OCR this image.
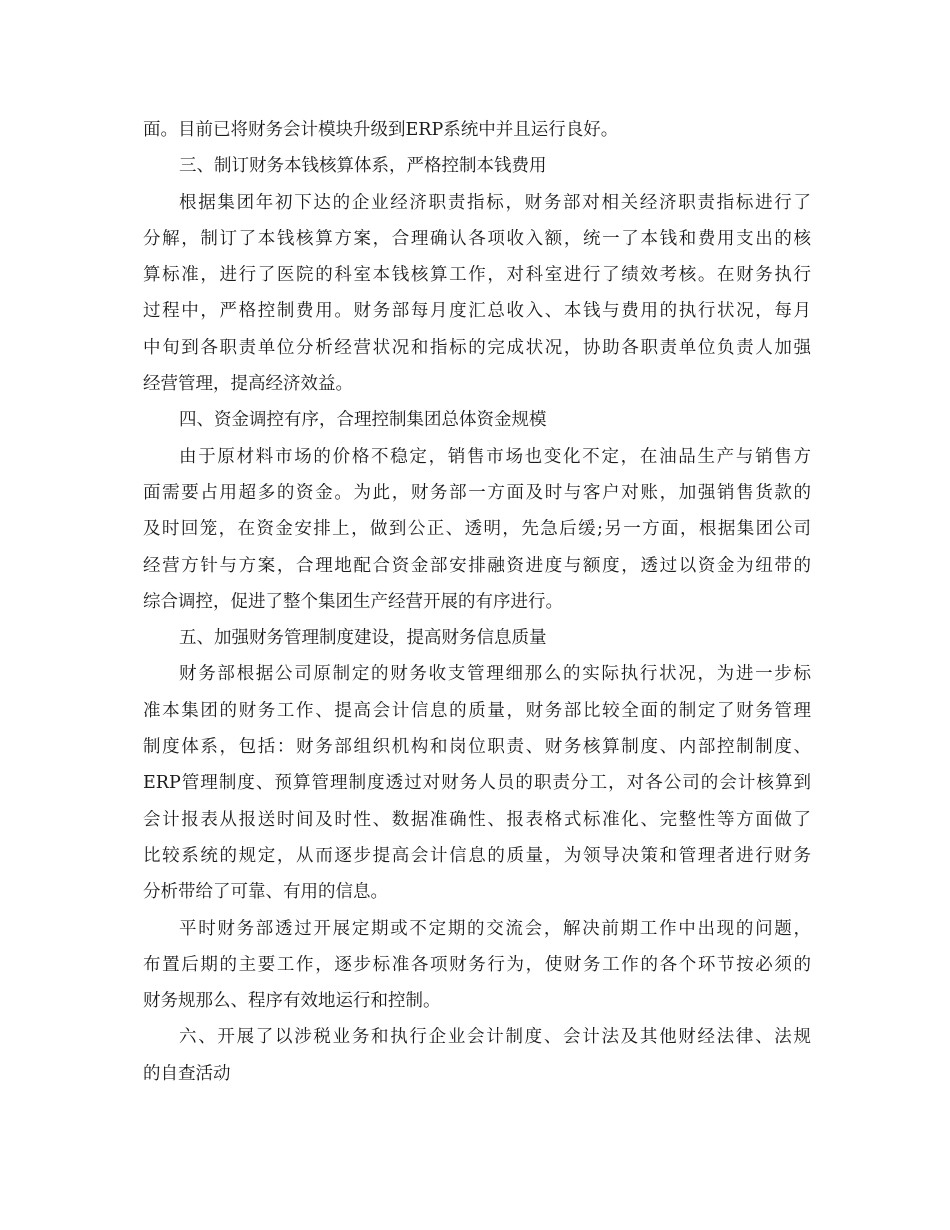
面。目前已将财务会计模块升级到ERP系统中并且运行良好。
三、制订财务本钱核算体系，严格控制本钱费用
根据集团年初下达的企业经济职责指标，财务部对相关经济职责指标进行了
分解，制订了本钱核算方案，合理确认各项收入额，统一了本钱和费用支出的核
算标准，进行了医院的科室本钱核算工作，对科室进行了绩效考核。在财务执行
过程中，严格控制费用。财务部每月度汇总收入、本钱与费用的执行状况，每月
中旬到各职责单位分析经营状况和指标的完成状况，协助各职责单位负责人加强
经营管理，提高经济效益。
四、资金调控有序，合理控制集团总体资金规模
由于原材料市场的价格不稳定，销售市场也变化不定，在油品生产与销售方
面需要占用超多的资金。为此，财务部一方面及时与客户对账，加强销售货款的
及时回笼，在资金安排上，做到公正、透明，先急后缓;另一方面，根据集团公司
经营方针与方案，合理地配合资金部安排融资进度与额度，透过以资金为纽带的
综合调控，促进了整个集团生产经营开展的有序进行。
五、加强财务管理制度建设，提高财务信息质量
财务部根据公司原制定的财务收支管理细那么的实际执行状况，为进一步标
准本集团的财务工作、提高会计信息的质量，财务部比较全面的制定了财务管理
制度体系，包括：财务部组织机构和岗位职责、财务核算制度、内部控制制度、
ERP管理制度、预算管理制度透过对财务人员的职责分工，对各公司的会计核算到
会计报表从报送时间及时性、数据准确性、报表格式标准化、完整性等方面做了
比较系统的规定，从而逐步提高会计信息的质量，为领导决策和管理者进行财务
分析带给了可靠、有用的信息。
平时财务部透过开展定期或不定期的交流会，解决前期工作中出现的问题，
布置后期的主要工作，逐步标准各项财务行为，使财务工作的各个环节按必须的
财务规那么、程序有效地运行和控制。
六、开展了以涉税业务和执行企业会计制度、会计法及其他财经法律、法规
的自查活动
